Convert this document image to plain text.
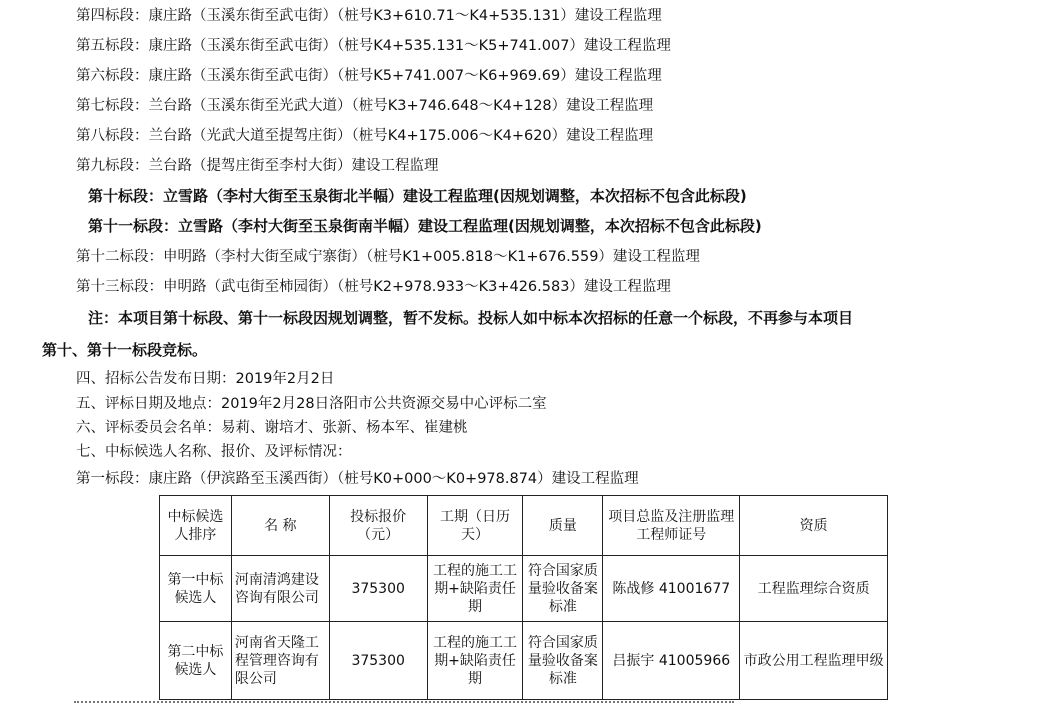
第四标段：康庄路（玉溪东街至武屯街）（桩号K3+610.71～K4+535.131）建设工程监理
第五标段：康庄路（玉溪东街至武屯街）（桩号K4+535.131～K5+741.007）建设工程监理
第六标段：康庄路（玉溪东街至武屯街）（桩号K5+741.007～K6+969.69）建设工程监理
第七标段：兰台路（玉溪东街至光武大道）（桩号K3+746.648～K4+128）建设工程监理
第八标段：兰台路（光武大道至提驾庄街）（桩号K4+175.006～K4+620）建设工程监理
第九标段：兰台路（提驾庄街至李村大街）建设工程监理
第十标段：立雪路（李村大街至玉泉街北半幅）建设工程监理(因规划调整，本次招标不包含此标段)
第十一标段：立雪路（李村大街至玉泉街南半幅）建设工程监理(因规划调整，本次招标不包含此标段)
第十二标段：申明路（李村大街至咸宁寨街）（桩号K1+005.818～K1+676.559）建设工程监理
第十三标段：申明路（武屯街至柿园街）（桩号K2+978.933～K3+426.583）建设工程监理
注：本项目第十标段、第十一标段因规划调整，暂不发标。投标人如中标本次招标的任意一个标段，不再参与本项目
第十、第十一标段竞标。
四、招标公告发布日期：2019年2月2日
五、评标日期及地点：2019年2月28日洛阳市公共资源交易中心评标二室
六、评标委员会名单：易莉、谢培才、张新、杨本军、崔建桃
七、中标候选人名称、报价、及评标情况：
第一标段：康庄路（伊滨路至玉溪西街）（桩号K0+000～K0+978.874）建设工程监理
中标候选人排序	名 称	投标报价（元）	工期（日历天）	质量	项目总监及注册监理工程师证号	资质
第一中标候选人	河南清鸿建设咨询有限公司	375300	工程的施工工期+缺陷责任期	符合国家质量验收备案标准	陈战修 41001677	工程监理综合资质
第二中标候选人	河南省天隆工程管理咨询有限公司	375300	工程的施工工期+缺陷责任期	符合国家质量验收备案标准	吕振宇 41005966	市政公用工程监理甲级
